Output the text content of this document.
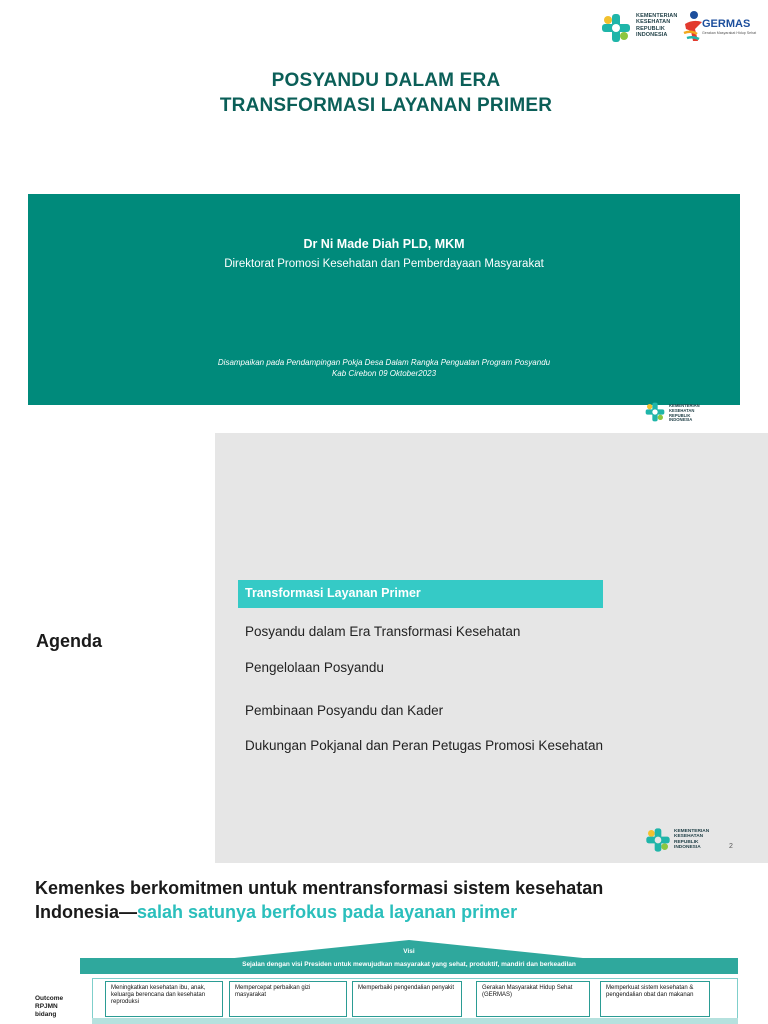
KEMENTERIAN
KESEHATAN
REPUBLIK
INDONESIA
GERMAS
Gerakan Masyarakat Hidup Sehat
POSYANDU DALAM ERA
TRANSFORMASI LAYANAN PRIMER
Dr Ni Made Diah PLD, MKM
Direktorat Promosi Kesehatan dan Pemberdayaan Masyarakat
Disampaikan pada Pendampingan Pokja Desa Dalam Rangka Penguatan Program Posyandu
Kab Cirebon 09 Oktober2023
KEMENTERIAN
KESEHATAN
REPUBLIK
INDONESIA
Agenda
Transformasi Layanan Primer
Posyandu dalam Era Transformasi Kesehatan
Pengelolaan Posyandu
Pembinaan Posyandu dan Kader
Dukungan Pokjanal dan Peran Petugas Promosi Kesehatan
KEMENTERIAN
KESEHATAN
REPUBLIK
INDONESIA	2
Kemenkes berkomitmen untuk mentransformasi sistem kesehatan
Indonesia—salah satunya berfokus pada layanan primer
Visi
Sejalan dengan visi Presiden untuk mewujudkan masyarakat yang sehat, produktif, mandiri dan berkeadilan
Outcome
RPJMN
bidang
Meningkatkan kesehatan ibu, anak, keluarga berencana dan kesehatan reproduksi
Mempercepat perbaikan gizi masyarakat
Memperbaiki pengendalian penyakit	Gerakan Masyarakat Hidup Sehat (GERMAS)
Memperkuat sistem kesehatan & pengendalian obat dan makanan
